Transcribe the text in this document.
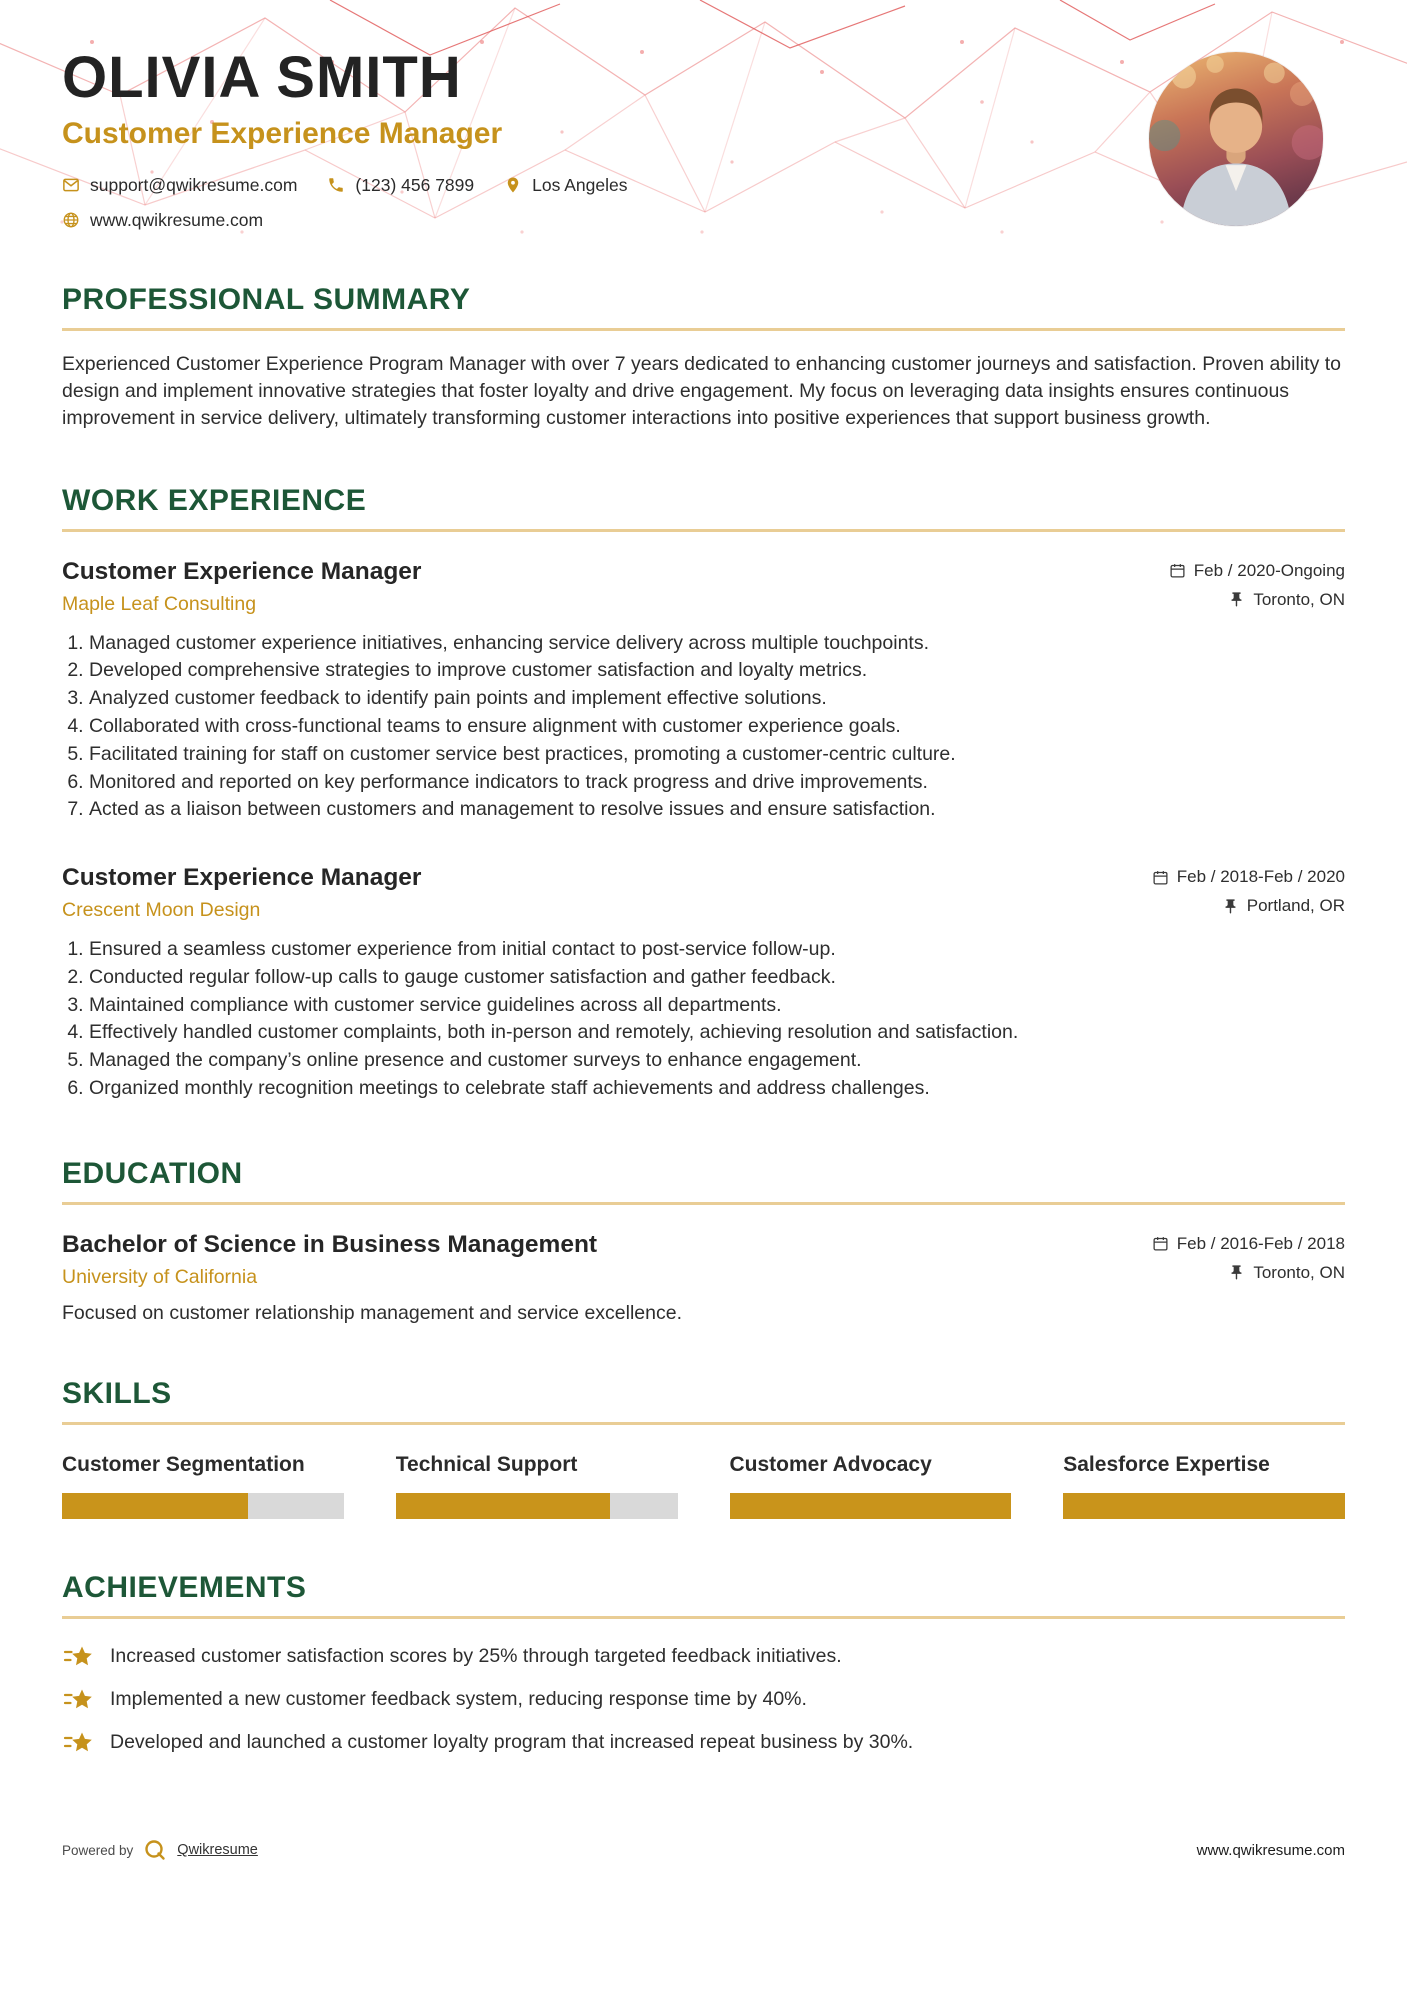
OLIVIA SMITH
Customer Experience Manager
support@qwikresume.com	(123) 456 7899	Los Angeles
www.qwikresume.com
PROFESSIONAL SUMMARY

Experienced Customer Experience Program Manager with over 7 years dedicated to enhancing customer journeys and satisfaction. Proven ability to design and implement innovative strategies that foster loyalty and drive engagement. My focus on leveraging data insights ensures continuous improvement in service delivery, ultimately transforming customer interactions into positive experiences that support business growth.

WORK EXPERIENCE
Customer Experience Manager
Maple Leaf Consulting
Feb / 2020-Ongoing
Toronto, ON
1. Managed customer experience initiatives, enhancing service delivery across multiple touchpoints.
2. Developed comprehensive strategies to improve customer satisfaction and loyalty metrics.
3. Analyzed customer feedback to identify pain points and implement effective solutions.
4. Collaborated with cross-functional teams to ensure alignment with customer experience goals.
5. Facilitated training for staff on customer service best practices, promoting a customer-centric culture.
6. Monitored and reported on key performance indicators to track progress and drive improvements.
7. Acted as a liaison between customers and management to resolve issues and ensure satisfaction.
Customer Experience Manager
Crescent Moon Design
Feb / 2018-Feb / 2020
Portland, OR
1. Ensured a seamless customer experience from initial contact to post-service follow-up.
2. Conducted regular follow-up calls to gauge customer satisfaction and gather feedback.
3. Maintained compliance with customer service guidelines across all departments.
4. Effectively handled customer complaints, both in-person and remotely, achieving resolution and satisfaction.
5. Managed the company’s online presence and customer surveys to enhance engagement.
6. Organized monthly recognition meetings to celebrate staff achievements and address challenges.
EDUCATION
Bachelor of Science in Business Management
University of California
Feb / 2016-Feb / 2018
Toronto, ON

Focused on customer relationship management and service excellence.

SKILLS
Customer Segmentation	Technical Support	Customer Advocacy	Salesforce Expertise
ACHIEVEMENTS
Increased customer satisfaction scores by 25% through targeted feedback initiatives.
Implemented a new customer feedback system, reducing response time by 40%.
Developed and launched a customer loyalty program that increased repeat business by 30%.
Powered by	Qwikresume	www.qwikresume.com
